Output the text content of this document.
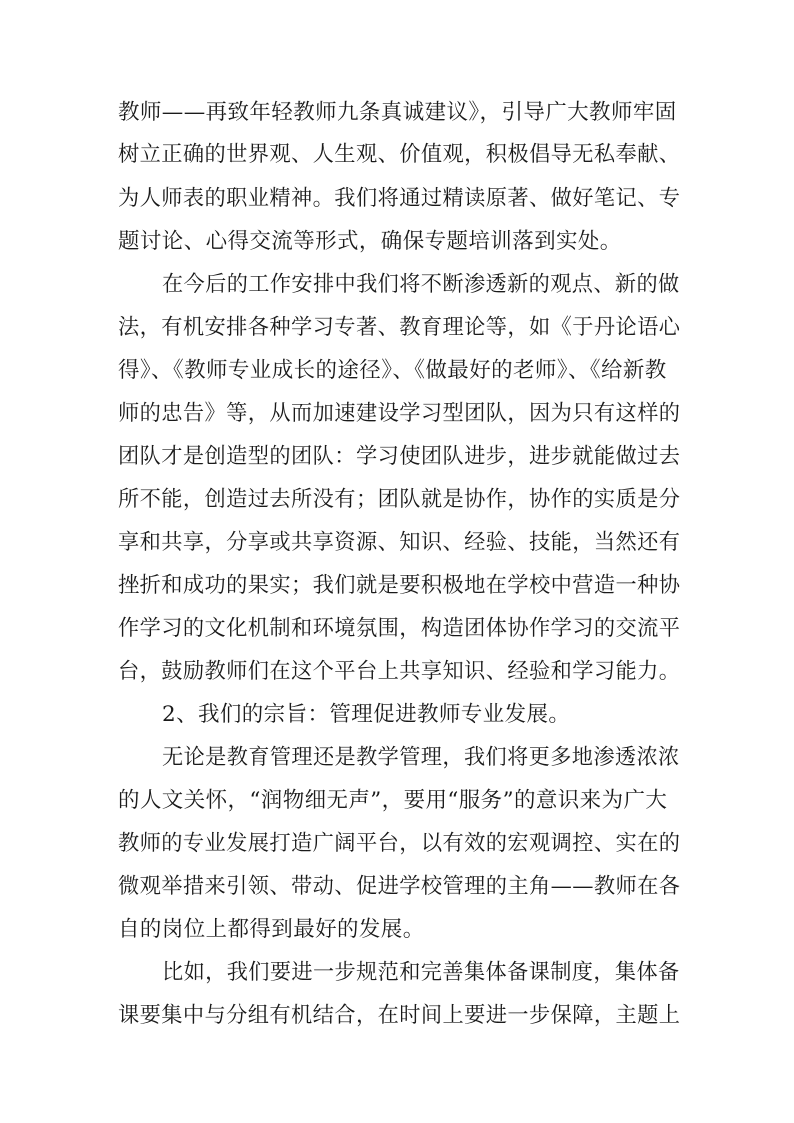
教师——再致年轻教师九条真诚建议》，引导广大教师牢固
树立正确的世界观、人生观、价值观，积极倡导无私奉献、
为人师表的职业精神。我们将通过精读原著、做好笔记、专
题讨论、心得交流等形式，确保专题培训落到实处。
在今后的工作安排中我们将不断渗透新的观点、新的做
法，有机安排各种学习专著、教育理论等，如《于丹论语心
得》、《教师专业成长的途径》、《做最好的老师》、《给新教
师的忠告》等，从而加速建设学习型团队，因为只有这样的
团队才是创造型的团队：学习使团队进步，进步就能做过去
所不能，创造过去所没有；团队就是协作，协作的实质是分
享和共享，分享或共享资源、知识、经验、技能，当然还有
挫折和成功的果实；我们就是要积极地在学校中营造一种协
作学习的文化机制和环境氛围，构造团体协作学习的交流平
台，鼓励教师们在这个平台上共享知识、经验和学习能力。
2、我们的宗旨：管理促进教师专业发展。
无论是教育管理还是教学管理，我们将更多地渗透浓浓
的人文关怀，“润物细无声”，要用“服务”的意识来为广大
教师的专业发展打造广阔平台，以有效的宏观调控、实在的
微观举措来引领、带动、促进学校管理的主角——教师在各
自的岗位上都得到最好的发展。
比如，我们要进一步规范和完善集体备课制度，集体备
课要集中与分组有机结合，在时间上要进一步保障，主题上
